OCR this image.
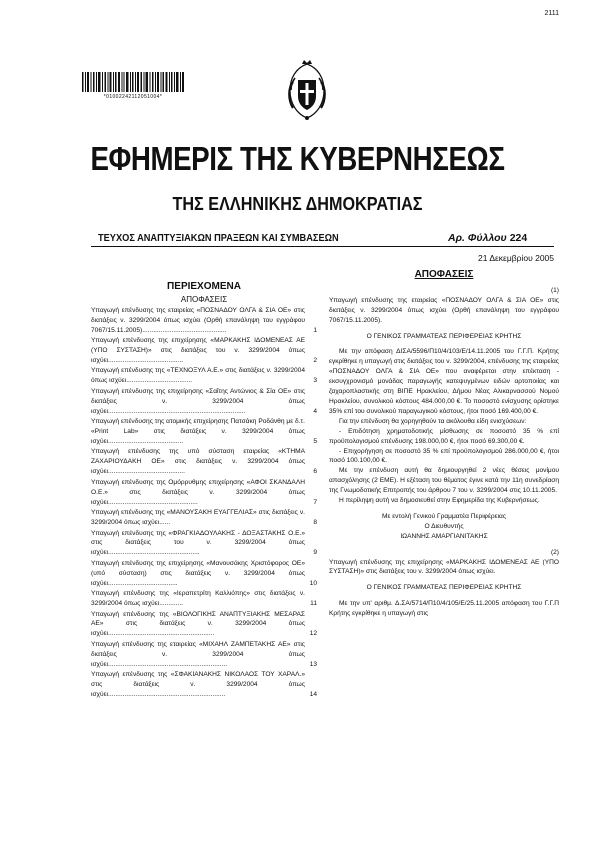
2111
*01002242112051004*
ΕΦΗΜΕΡΙΣ ΤΗΣ ΚΥΒΕΡΝΗΣΕΩΣ
ΤΗΣ ΕΛΛΗΝΙΚΗΣ ΔΗΜΟΚΡΑΤΙΑΣ
ΤΕΥΧΟΣ ΑΝΑΠΤΥΞΙΑΚΩΝ ΠΡΑΞΕΩΝ ΚΑΙ ΣΥΜΒΑΣΕΩΝ	Αρ. Φύλλου 224
21 Δεκεμβρίου 2005
ΠΕΡΙΕΧΟΜΕΝΑ
ΑΠΟΦΑΣΕΙΣ
Υπαγωγή επένδυσης της εταιρείας «ΠΟΣΝΑΔΟΥ ΟΛΓΑ & ΣΙΑ ΟΕ» στις διατάξεις ν. 3299/2004 όπως ισχύει (Ορθή επανάληψη του εγγράφου 7067/15.11.2005)..............................................	1
Υπαγωγή επένδυσης της επιχείρησης «ΜΑΡΚΑΚΗΣ ΙΔΟΜΕΝΕΑΣ ΑΕ (ΥΠΟ ΣΥΣΤΑΣΗ)» στις διατάξεις του ν. 3299/2004 όπως ισχύει.........................................	2
Υπαγωγή επένδυσης της «ΤΕΧΝΟΞΥΛ Α.Ε.» στις διατάξεις ν. 3299/2004 όπως ισχύει....................................	3
Υπαγωγή επένδυσης της επιχείρησης «Σαΐτης Αντώνιος & Σία ΟΕ» στις διατάξεις ν. 3299/2004 όπως ισχύει...........................................................................	4
Υπαγωγή επένδυσης της ατομικής επιχείρησης Πατσάκη Ροδάνθη με δ.τ. «Print Lab» στις διατάξεις ν. 3299/2004 όπως ισχύει.........................................	5
Υπαγωγή επένδυσης της υπό σύσταση εταιρείας «ΚΤΗΜΑ ΖΑΧΑΡΙΟΥΔΑΚΗ ΟΕ» στις διατάξεις ν. 3299/2004 όπως ισχύει..........................................	6
Υπαγωγή επένδυσης της Ομόρρυθμης επιχείρησης «ΑΦΟΙ ΣΚΑΝΔΑΛΗ Ο.Ε.» στις διατάξεις ν. 3299/2004 όπως ισχύει.................................................	7
Υπαγωγή επένδυσης της «ΜΑΝΟΥΣΑΚΗ ΕΥΑΓΓΕΛΙΑΣ» στις διατάξεις ν. 3299/2004 όπως ισχύει......	8
Υπαγωγή επένδυσης της «ΦΡΑΓΚΙΑΔΟΥΛΑΚΗΣ - ΔΟΞΑΣΤΑΚΗΣ Ο.Ε.» στις διατάξεις του ν. 3299/2004 όπως ισχύει..................................................	9
Υπαγωγή επένδυσης της επιχείρησης «Μανουσάκης Χριστόφορος ΟΕ» (υπό σύσταση) στις διατάξεις ν. 3299/2004 όπως ισχύει......................................	10
Υπαγωγή επένδυσης της «Ιεραπετρίτη Καλλιόπης» στις διατάξεις ν. 3299/2004 όπως ισχύει.............	11
Υπαγωγή επένδυσης της «ΒΙΟΛΟΓΙΚΗΣ ΑΝΑΠΤΥΞΙΑΚΗΣ ΜΕΣΑΡΑΣ ΑΕ» στις διατάξεις ν. 3299/2004 όπως ισχύει..........................................................	12
Υπαγωγή επένδυσης της εταιρείας «ΜΙΧΑΗΛ ΖΑΜΠΕΤΑΚΗΣ ΑΕ» στις διατάξεις ν. 3299/2004 όπως ισχύει.................................................................	13
Υπαγωγή επένδυσης της «ΣΦΑΚΙΑΝΑΚΗΣ ΝΙΚΟΛΑΟΣ ΤΟΥ ΧΑΡΑΛ.» στις διατάξεις ν. 3299/2004 όπως ισχύει................................................................	14
ΑΠΟΦΑΣΕΙΣ
(1)
Υπαγωγή επένδυσης της εταιρείας «ΠΟΣΝΑΔΟΥ ΟΛΓΑ & ΣΙΑ ΟΕ» στις διατάξεις ν. 3299/2004 όπως ισχύει (Ορθή επανάληψη του εγγράφου 7067/15.11.2005).
Ο ΓΕΝΙΚΟΣ ΓΡΑΜΜΑΤΕΑΣ ΠΕΡΙΦΕΡΕΙΑΣ ΚΡΗΤΗΣ
Με την απόφαση ΔΙΣΑ/5596/Π10/4/103/Ε/14.11.2005 του Γ.Γ.Π. Κρήτης εγκρίθηκε η υπαγωγή στις διατάξεις του ν. 3299/2004, επένδυσης της εταιρείας «ΠΟΣΝΑΔΟΥ ΟΛΓΑ & ΣΙΑ ΟΕ» που αναφέρεται στην επέκταση - εκσυγχρονισμό μονάδας παραγωγής κατεψυγμένων ειδών αρτοποιίας και ζαχαροπλαστικής στη ΒΙΠΕ Ηρακλείου, Δήμου Νέας Αλικαρνασσού Νομού Ηρακλείου, συνολικού κόστους 484.000,00 €. Το ποσοστό ενίσχυσης ορίστηκε 35% επί του συνολικού παραγωγικού κόστους, ήτοι ποσό 169.400,00 €.
Για την επένδυση θα χορηγηθούν τα ακόλουθα είδη ενισχύσεων:
- Επιδότηση χρηματοδοτικής μίσθωσης σε ποσοστό 35 % επί προϋπολογισμού επένδυσης 198.000,00 €, ήτοι ποσό 69.300,00 €.
- Επιχορήγηση σε ποσοστό 35 % επί προϋπολογισμού 286.000,00 €, ήτοι ποσό 100.100,00 €.
Με την επένδυση αυτή θα δημιουργηθεί 2 νέες θέσεις μονίμου απασχόλησης (2 ΕΜΕ). Η εξέταση του θέματος έγινε κατά την 11η συνεδρίαση της Γνωμοδοτικής Επιτροπής του άρθρου 7 του ν. 3299/2004 στις 10.11.2005.
Η περίληψη αυτή να δημοσιευθεί στην Εφημερίδα της Κυβερνήσεως.
Με εντολή Γενικού Γραμματέα Περιφέρειας
Ο Διευθυντής
ΙΩΑΝΝΗΣ ΑΜΑΡΓΙΑΝΙΤΑΚΗΣ
(2)
Υπαγωγή επένδυσης της επιχείρησης «ΜΑΡΚΑΚΗΣ ΙΔΟΜΕΝΕΑΣ ΑΕ (ΥΠΟ ΣΥΣΤΑΣΗ)» στις διατάξεις του ν. 3299/2004 όπως ισχύει.
Ο ΓΕΝΙΚΟΣ ΓΡΑΜΜΑΤΕΑΣ ΠΕΡΙΦΕΡΕΙΑΣ ΚΡΗΤΗΣ
Με την υπ' αριθμ. Δ.ΣΑ/5714/Π10/4/105/Ε/25.11.2005 απόφαση του Γ.Γ.Π Κρήτης εγκρίθηκε η υπαγωγή στις
